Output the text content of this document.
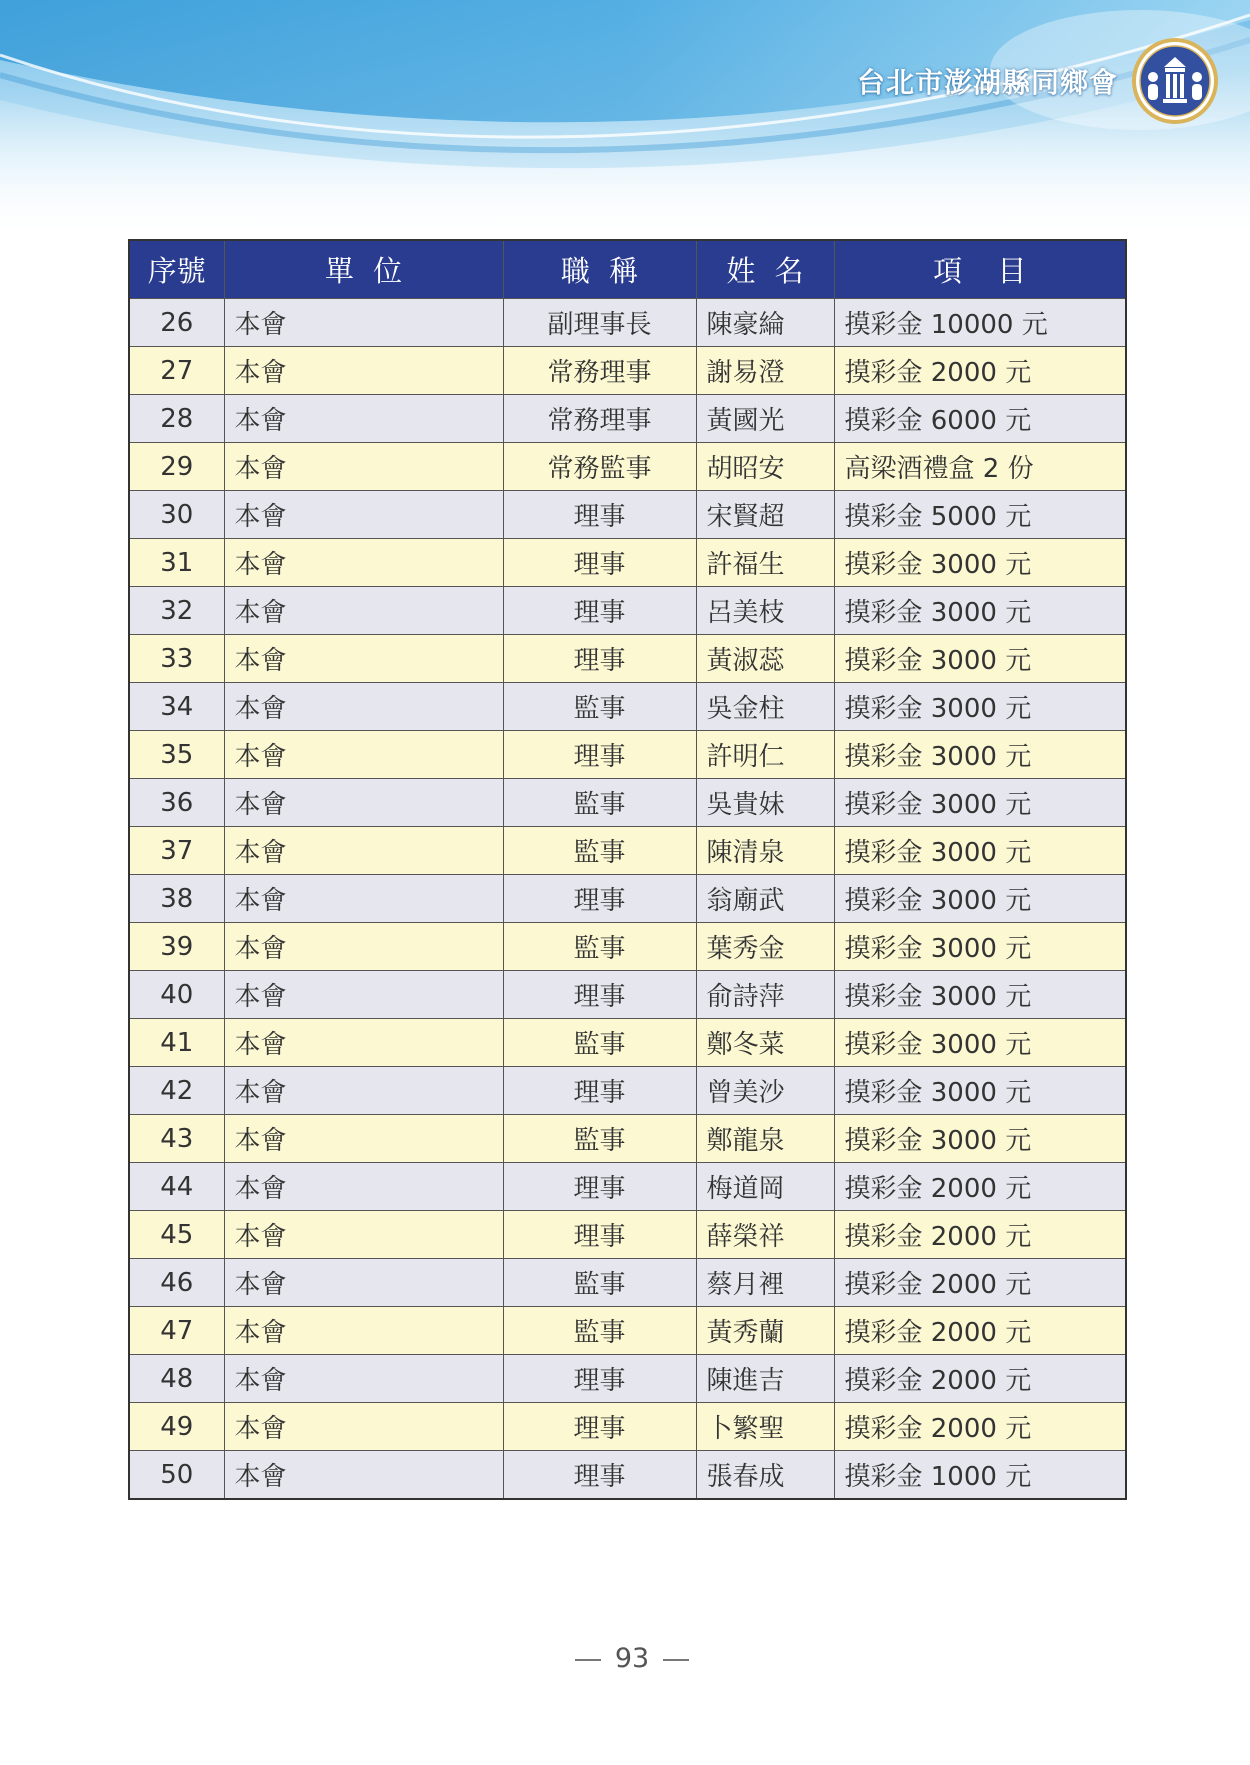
台北市澎湖縣同鄉會
序號	單 位	職 稱	姓 名	項 目
26	本會	副理事長	陳豪綸	摸彩金 10000 元
27	本會	常務理事	謝易澄	摸彩金 2000 元
28	本會	常務理事	黃國光	摸彩金 6000 元
29	本會	常務監事	胡昭安	高梁酒禮盒 2 份
30	本會	理事	宋賢超	摸彩金 5000 元
31	本會	理事	許福生	摸彩金 3000 元
32	本會	理事	呂美枝	摸彩金 3000 元
33	本會	理事	黃淑蕊	摸彩金 3000 元
34	本會	監事	吳金柱	摸彩金 3000 元
35	本會	理事	許明仁	摸彩金 3000 元
36	本會	監事	吳貴妹	摸彩金 3000 元
37	本會	監事	陳清泉	摸彩金 3000 元
38	本會	理事	翁廟武	摸彩金 3000 元
39	本會	監事	葉秀金	摸彩金 3000 元
40	本會	理事	俞詩萍	摸彩金 3000 元
41	本會	監事	鄭冬菜	摸彩金 3000 元
42	本會	理事	曾美沙	摸彩金 3000 元
43	本會	監事	鄭龍泉	摸彩金 3000 元
44	本會	理事	梅道岡	摸彩金 2000 元
45	本會	理事	薛榮祥	摸彩金 2000 元
46	本會	監事	蔡月裡	摸彩金 2000 元
47	本會	監事	黃秀蘭	摸彩金 2000 元
48	本會	理事	陳進吉	摸彩金 2000 元
49	本會	理事	卜繁聖	摸彩金 2000 元
50	本會	理事	張春成	摸彩金 1000 元
93
